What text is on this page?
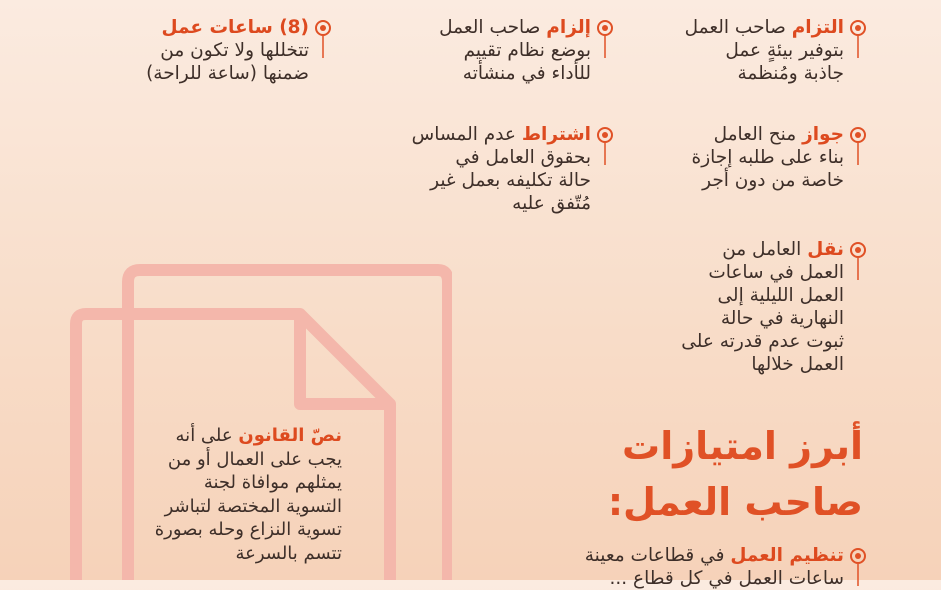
التزام صاحب العمل
بتوفير بيئةٍ عمل
جاذبة ومُنظمة
إلزام صاحب العمل
بوضع نظام تقييم
للأداء في منشأته
(8) ساعات عمل
تتخللها ولا تكون من
ضمنها (ساعة للراحة)
جواز منح العامل
بناء على طلبه إجازة
خاصة من دون أجر
اشتراط عدم المساس
بحقوق العامل في
حالة تكليفه بعمل غير
مُتّفق عليه
نقل العامل من
العمل في ساعات
العمل الليلية إلى
النهارية في حالة
ثبوت عدم قدرته على
العمل خلالها
أبرز امتيازات
صاحب العمل:
تنظيم العمل في قطاعات معينة
ساعات العمل في كل قطاع ...
نصّ القانون على أنه
يجب على العمال أو من
يمثلهم موافاة لجنة
التسوية المختصة لتباشر
تسوية النزاع وحله بصورة
تتسم بالسرعة
